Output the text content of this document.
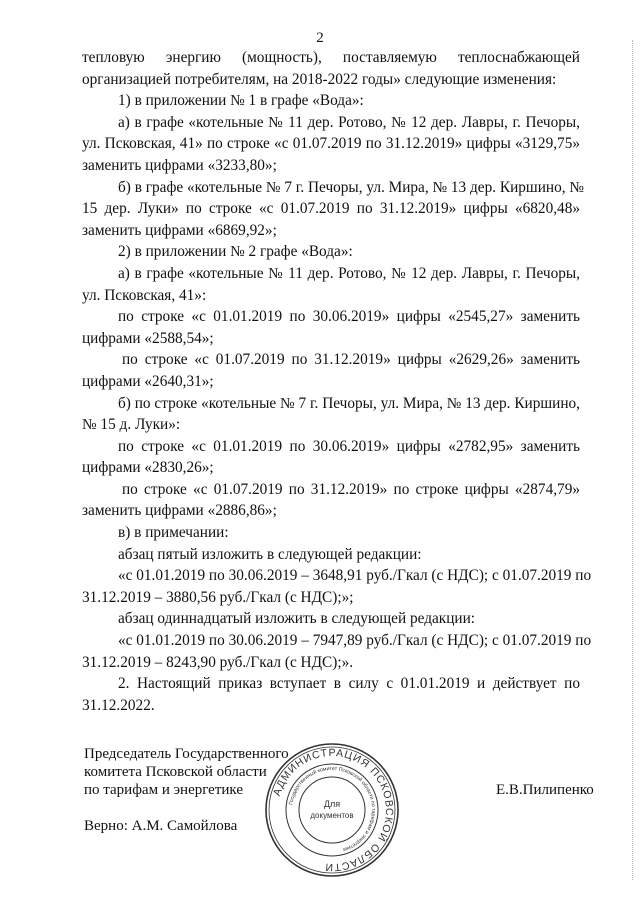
2
тепловую энергию (мощность), поставляемую теплоснабжающей
организацией потребителям, на 2018-2022 годы» следующие изменения:
1) в приложении № 1 в графе «Вода»:
а) в графе «котельные № 11 дер. Ротово, № 12 дер. Лавры, г. Печоры,
ул. Псковская, 41» по строке «с 01.07.2019 по 31.12.2019» цифры «3129,75»
заменить цифрами «3233,80»;
б) в графе «котельные № 7 г. Печоры, ул. Мира, № 13 дер. Киршино, №
15 дер. Луки» по строке «с 01.07.2019 по 31.12.2019» цифры «6820,48»
заменить цифрами «6869,92»;
2) в приложении № 2 графе «Вода»:
а) в графе «котельные № 11 дер. Ротово, № 12 дер. Лавры, г. Печоры,
ул. Псковская, 41»:
по строке «с 01.01.2019 по 30.06.2019» цифры «2545,27» заменить
цифрами «2588,54»;
по строке «с 01.07.2019 по 31.12.2019» цифры «2629,26» заменить
цифрами «2640,31»;
б) по строке «котельные № 7 г. Печоры, ул. Мира, № 13 дер. Киршино,
№ 15 д. Луки»:
по строке «с 01.01.2019 по 30.06.2019» цифры «2782,95» заменить
цифрами «2830,26»;
по строке «с 01.07.2019 по 31.12.2019» по строке цифры «2874,79»
заменить цифрами «2886,86»;
в) в примечании:
абзац пятый изложить в следующей редакции:
«с 01.01.2019 по 30.06.2019 – 3648,91 руб./Гкал (с НДС); с 01.07.2019 по
31.12.2019 – 3880,56 руб./Гкал (с НДС);»;
абзац одиннадцатый изложить в следующей редакции:
«с 01.01.2019 по 30.06.2019 – 7947,89 руб./Гкал (с НДС); с 01.07.2019 по
31.12.2019 – 8243,90 руб./Гкал (с НДС);».
2. Настоящий приказ вступает в силу с 01.01.2019 и действует по
31.12.2022.
Председатель Государственного
комитета Псковской области
по тарифам и энергетике	Е.В.Пилипенко
Верно: А.М. Самойлова
АДМИНИСТРАЦИЯ ПСКОВСКОЙ ОБЛАСТИ
Государственный комитет Псковской области по тарифам и энергетике
Для
документов
